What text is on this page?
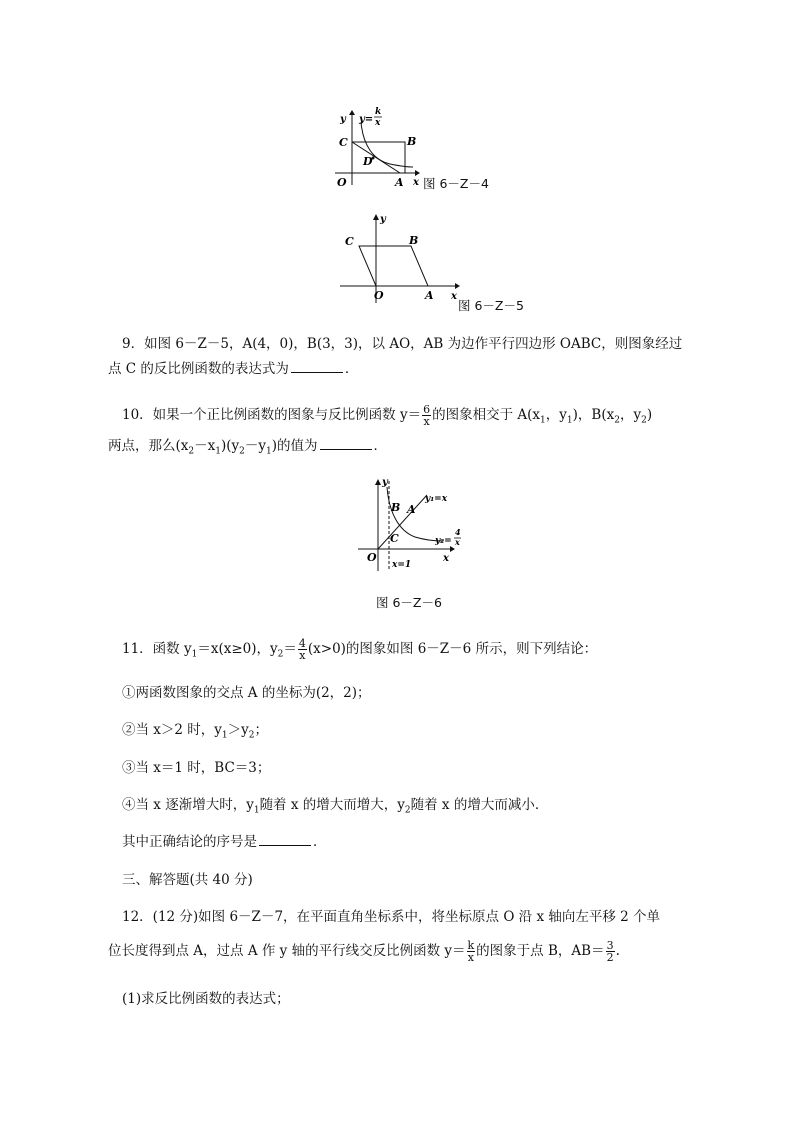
y y=
k
x
C	B
D
O	A x 图 6－Z－4
y
C	B
O	A x
图 6－Z－5
9．如图 6－Z－5，A(4，0)，B(3，3)，以 AO，AB 为边作平行四边形 OABC，则图象经过
点 C 的反比例函数的表达式为	．
10．如果一个正比例函数的图象与反比例函数 $y= \frac{6}{x}$ 的图象相交于 $A(x_1$，$y_1$)，$B(x_2$，$y_2$)
两点，那么$(x_2-x_1)(y_2-y_1)$的值为	．
y
B A
C
O	x
y₁=x
y₂=
4
x
x=1
图 6－Z－6
11．函数 $y_1=x(x\ge 0)$，$y_2= \frac{4}{x} (x>0)$的图象如图 6－Z－6 所示，则下列结论：
①两函数图象的交点 A 的坐标为(2，2)；
②当 x＞2 时，$y_1>y_2$；
③当 x＝1 时，BC＝3；
④当 x 逐渐增大时，$y_1$随着 x 的增大而增大，$y_2$随着 x 的增大而减小．
其中正确结论的序号是	．
三、解答题(共 40 分)
12．(12 分)如图 6－Z－7，在平面直角坐标系中，将坐标原点 O 沿 x 轴向左平移 2 个单
位长度得到点 A，过点 A 作 y 轴的平行线交反比例函数 $y= \frac{k}{x}$ 的图象于点 B，$AB= \frac{3}{2}$ .
(1)求反比例函数的表达式；
